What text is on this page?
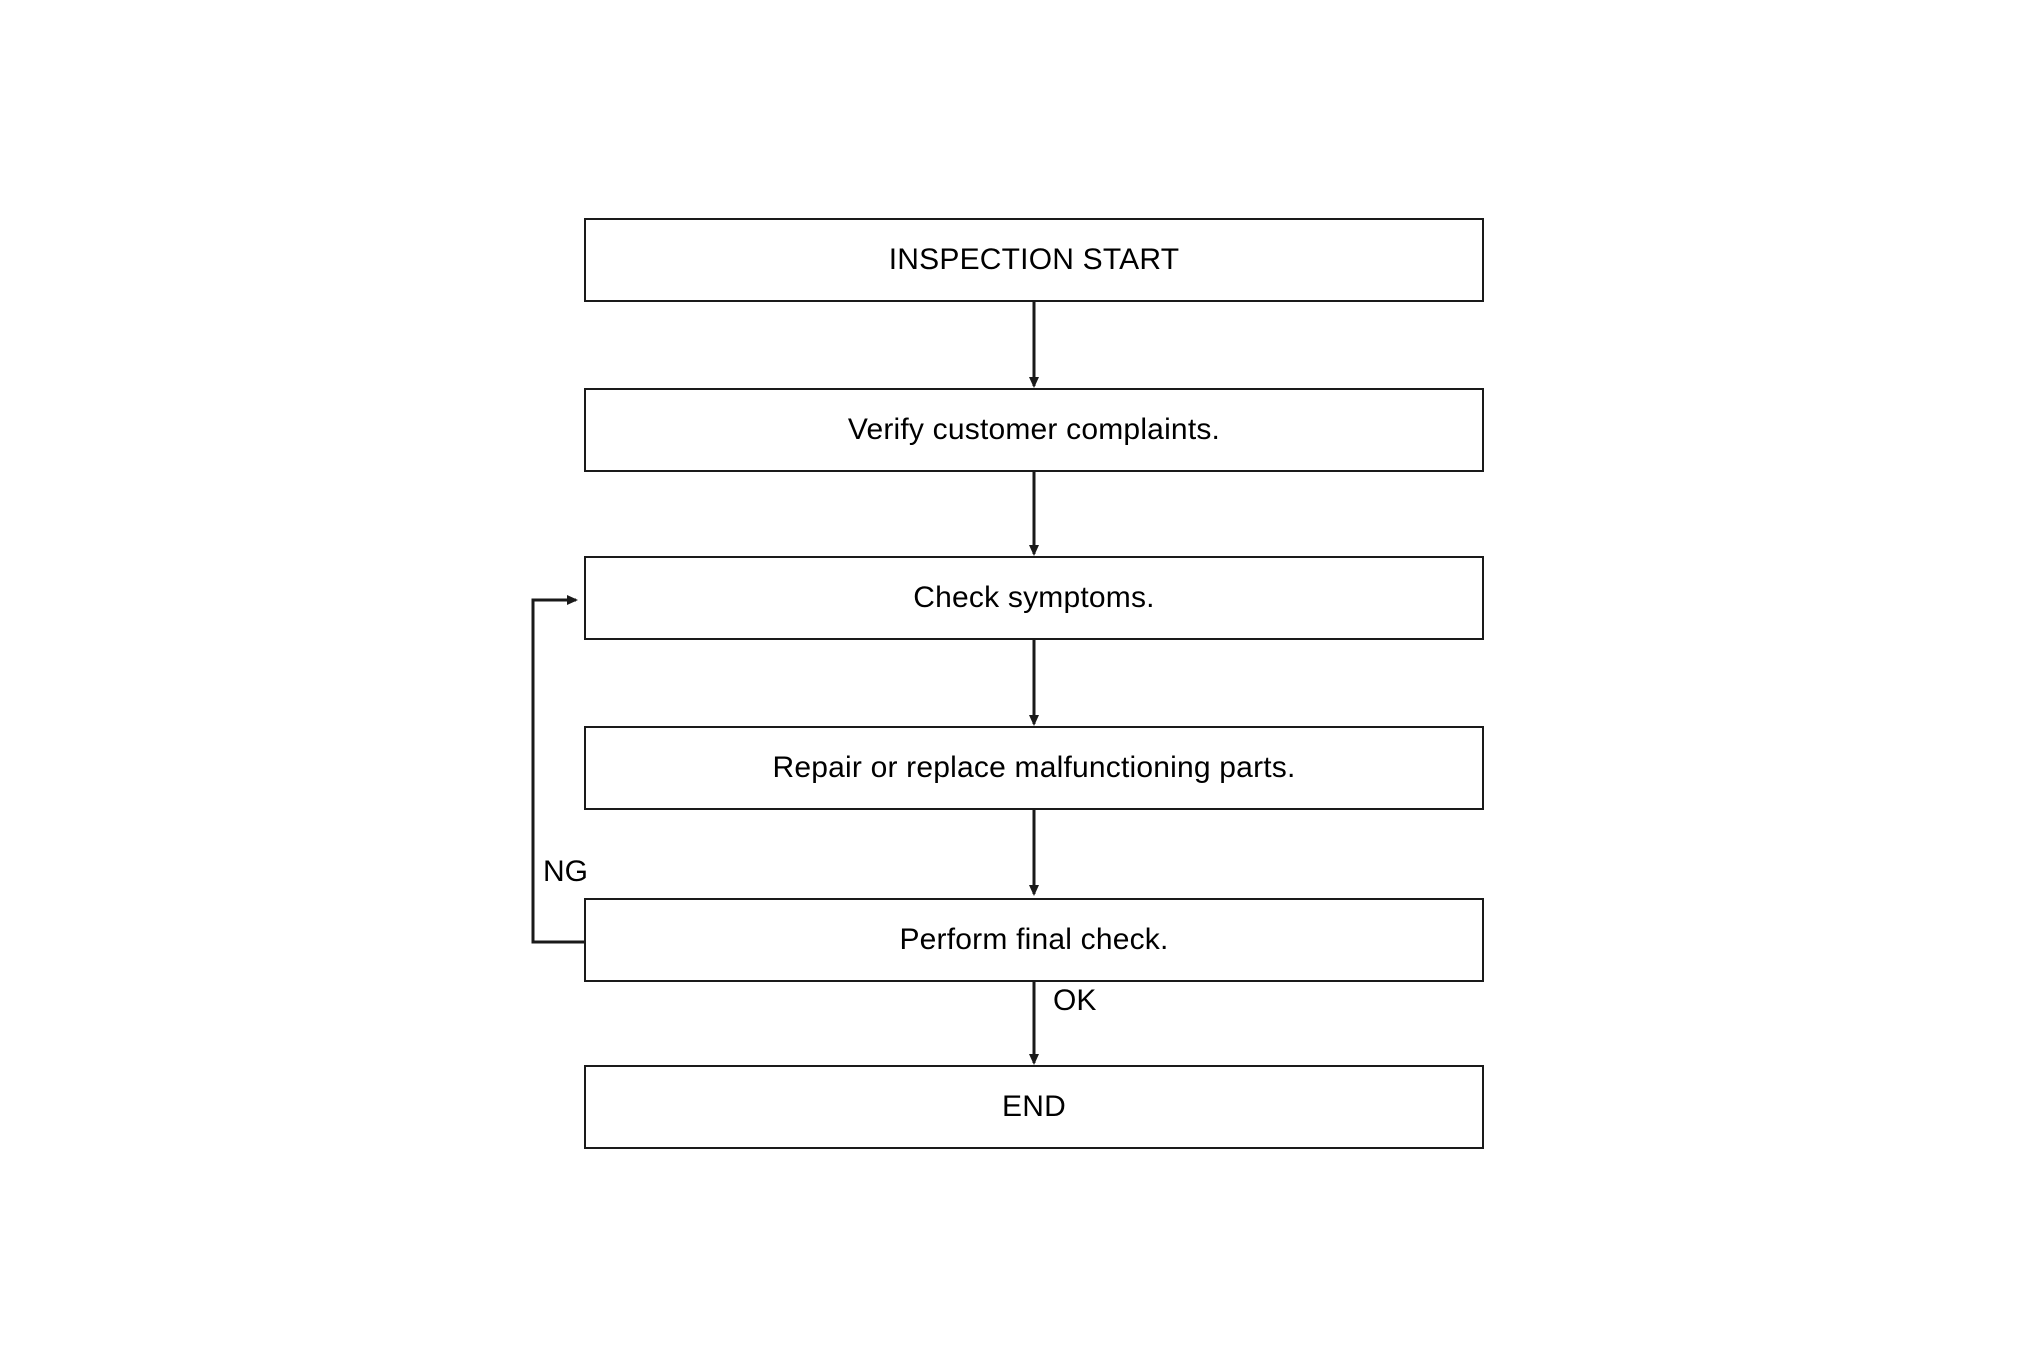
INSPECTION START
Verify customer complaints.
Check symptoms.
Repair or replace malfunctioning parts.
Perform final check.
END
NG
OK
